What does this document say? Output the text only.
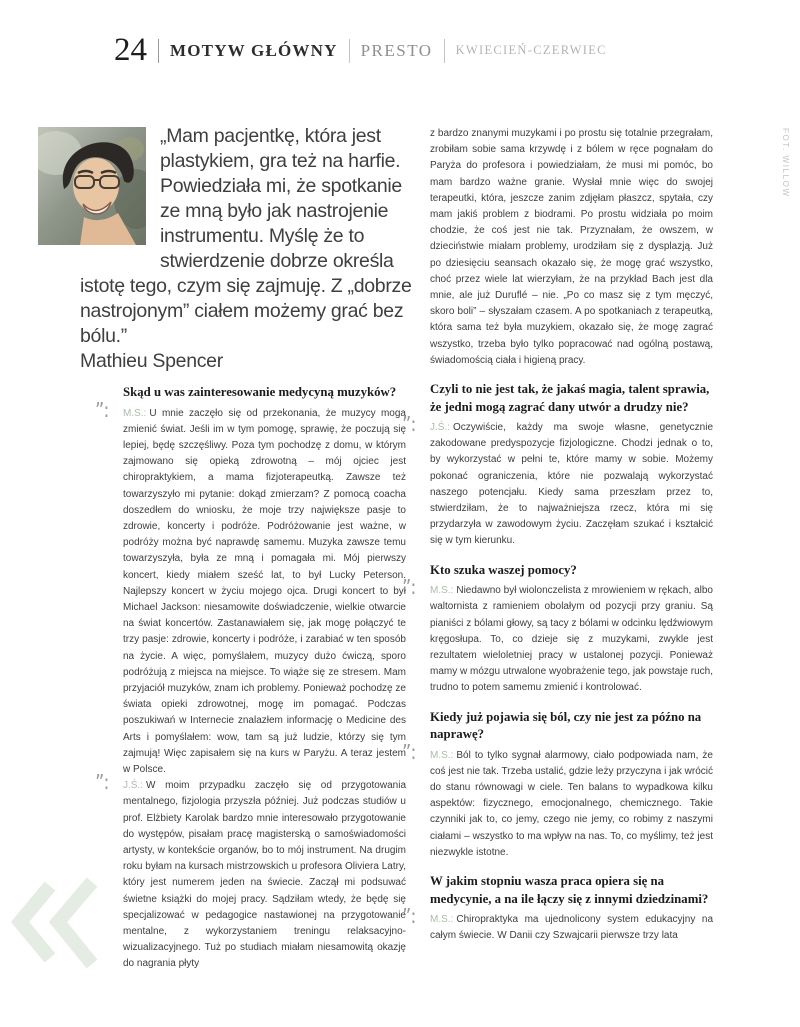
24 MOTYW GŁÓWNY PRESTO KWIECIEŃ-CZERWIEC
FOT. WILLOW

„Mam pacjentkę, która jest plastykiem, gra też na harfie. Powiedziała mi, że spotkanie ze mną było jak nastrojenie instrumentu. Myślę że to stwierdzenie dobrze określa istotę tego, czym się zajmuję. Z „dobrze nastrojonym” ciałem możemy grać bez bólu.”

Mathieu Spencer

Skąd u was zainteresowanie medycyną muzyków?
”: M.S.: U mnie zaczęło się od przekonania, że muzycy mogą zmienić świat. Jeśli im w tym pomogę, sprawię, że poczują się lepiej, będę szczęśliwy. Poza tym pochodzę z domu, w którym zajmowano się opieką zdrowotną – mój ojciec jest chiropraktykiem, a mama fizjoterapeutką. Zawsze też towarzyszyło mi pytanie: dokąd zmierzam? Z pomocą coacha doszedłem do wniosku, że moje trzy największe pasje to zdrowie, koncerty i podróże. Podróżowanie jest ważne, w podróży można być naprawdę samemu. Muzyka zawsze temu towarzyszyła, była ze mną i pomagała mi. Mój pierwszy koncert, kiedy miałem sześć lat, to był Lucky Peterson. Najlepszy koncert w życiu mojego ojca. Drugi koncert to był Michael Jackson: niesamowite doświadczenie, wielkie otwarcie na świat koncertów. Zastanawiałem się, jak mogę połączyć te trzy pasje: zdrowie, koncerty i podróże, i zarabiać w ten sposób na życie. A więc, pomyślałem, muzycy dużo ćwiczą, sporo podróżują z miejsca na miejsce. To wiąże się ze stresem. Mam przyjaciół muzyków, znam ich problemy. Ponieważ pochodzę ze świata opieki zdrowotnej, mogę im pomagać. Podczas poszukiwań w Internecie znalazłem informację o Medicine des Arts i pomyślałem: wow, tam są już ludzie, którzy się tym zajmują! Więc zapisałem się na kurs w Paryżu. A teraz jestem w Polsce.
”: J.Ś.: W moim przypadku zaczęło się od przygotowania mentalnego, fizjologia przyszła później. Już podczas studiów u prof. Elżbiety Karolak bardzo mnie interesowało przygotowanie do występów, pisałam pracę magisterską o samoświadomości artysty, w kontekście organów, bo to mój instrument. Na drugim roku byłam na kursach mistrzowskich u profesora Oliviera Latry, który jest numerem jeden na świecie. Zaczął mi podsuwać świetne książki do mojej pracy. Sądziłam wtedy, że będę się specjalizować w pedagogice nastawionej na przygotowanie mentalne, z wykorzystaniem treningu relaksacyjno-wizualizacyjnego. Tuż po studiach miałam niesamowitą okazję do nagrania płyty
z bardzo znanymi muzykami i po prostu się totalnie przegrałam, zrobiłam sobie sama krzywdę i z bólem w ręce pognałam do Paryża do profesora i powiedziałam, że musi mi pomóc, bo mam bardzo ważne granie. Wysłał mnie więc do swojej terapeutki, która, jeszcze zanim zdjęłam płaszcz, spytała, czy mam jakiś problem z biodrami. Po prostu widziała po moim chodzie, że coś jest nie tak. Przyznałam, że owszem, w dzieciństwie miałam problemy, urodziłam się z dysplazją. Już po dziesięciu seansach okazało się, że mogę grać wszystko, choć przez wiele lat wierzyłam, że na przykład Bach jest dla mnie, ale już Duruflé – nie. „Po co masz się z tym męczyć, skoro boli” – słyszałam czasem. A po spotkaniach z terapeutką, która sama też była muzykiem, okazało się, że mogę zagrać wszystko, trzeba było tylko popracować nad ogólną postawą, świadomością ciała i higieną pracy.
Czyli to nie jest tak, że jakaś magia, talent sprawia, że jedni mogą zagrać dany utwór a drudzy nie?
”: J.Ś.: Oczywiście, każdy ma swoje własne, genetycznie zakodowane predyspozycje fizjologiczne. Chodzi jednak o to, by wykorzystać w pełni te, które mamy w sobie. Możemy pokonać ograniczenia, które nie pozwalają wykorzystać naszego potencjału. Kiedy sama przeszłam przez to, stwierdziłam, że to najważniejsza rzecz, która mi się przydarzyła w zawodowym życiu. Zaczęłam szukać i kształcić się w tym kierunku.
Kto szuka waszej pomocy?
”: M.S.: Niedawno był wiolonczelista z mrowieniem w rękach, albo waltornista z ramieniem obolałym od pozycji przy graniu. Są pianiści z bólami głowy, są tacy z bólami w odcinku lędźwiowym kręgosłupa. To, co dzieje się z muzykami, zwykle jest rezultatem wieloletniej pracy w ustalonej pozycji. Ponieważ mamy w mózgu utrwalone wyobrażenie tego, jak powstaje ruch, trudno to potem samemu zmienić i kontrolować.
Kiedy już pojawia się ból, czy nie jest za późno na naprawę?
”: M.S.: Ból to tylko sygnał alarmowy, ciało podpowiada nam, że coś jest nie tak. Trzeba ustalić, gdzie leży przyczyna i jak wrócić do stanu równowagi w ciele. Ten balans to wypadkowa kilku aspektów: fizycznego, emocjonalnego, chemicznego. Takie czynniki jak to, co jemy, czego nie jemy, co robimy z naszymi ciałami – wszystko to ma wpływ na nas. To, co myślimy, też jest niezwykle istotne.
W jakim stopniu wasza praca opiera się na medycynie, a na ile łączy się z innymi dziedzinami?
”: M.S.: Chiropraktyka ma ujednolicony system edukacyjny na całym świecie. W Danii czy Szwajcarii pierwsze trzy lata
